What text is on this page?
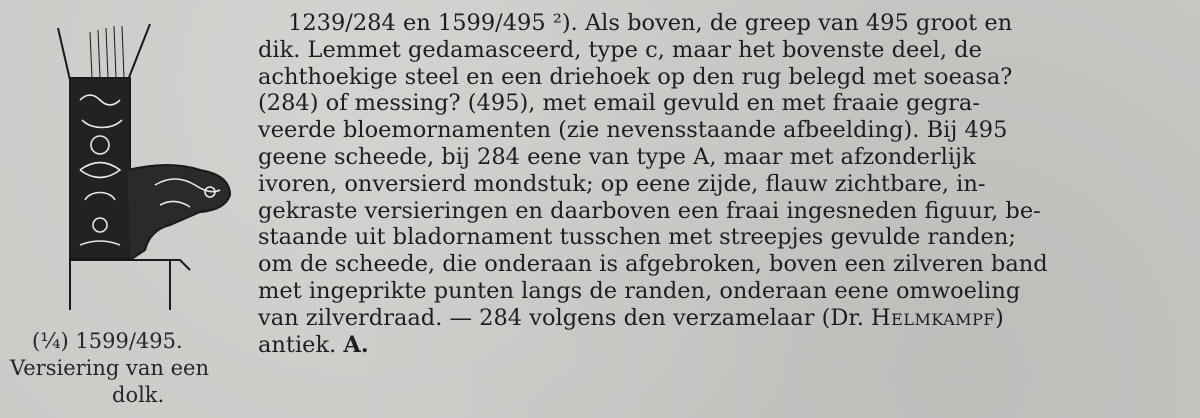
(¼) 1599/495.
Versiering van een
dolk.
1239/284 en 1599/495 ²). Als boven, de greep van 495 groot en
dik. Lemmet gedamasceerd, type c, maar het bovenste deel, de
achthoekige steel en een driehoek op den rug belegd met soeasa?
(284) of messing? (495), met email gevuld en met fraaie gegra-
veerde bloemornamenten (zie nevensstaande afbeelding). Bij 495
geene scheede, bij 284 eene van type A, maar met afzonderlijk
ivoren, onversierd mondstuk; op eene zijde, flauw zichtbare, in-
gekraste versieringen en daarboven een fraai ingesneden figuur, be-
staande uit bladornament tusschen met streepjes gevulde randen;
om de scheede, die onderaan is afgebroken, boven een zilveren band
met ingeprikte punten langs de randen, onderaan eene omwoeling
van zilverdraad. — 284 volgens den verzamelaar (Dr. Helmkampf)
antiek.
A.
